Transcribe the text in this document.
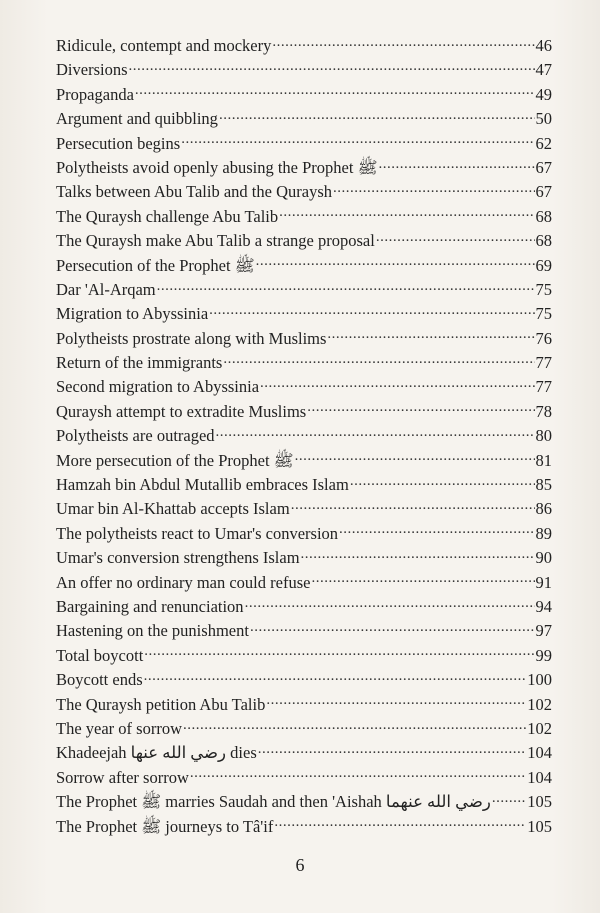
Ridicule, contempt and mockery .....	46
Diversions .....	47
Propaganda .....	49
Argument and quibbling .....	50
Persecution begins .....	62
Polytheists avoid openly abusing the Prophet ﷺ .....	67
Talks between Abu Talib and the Quraysh .....	67
The Quraysh challenge Abu Talib .....	68
The Quraysh make Abu Talib a strange proposal .....	68
Persecution of the Prophet ﷺ .....	69
Dar 'Al-Arqam .....	75
Migration to Abyssinia .....	75
Polytheists prostrate along with Muslims .....	76
Return of the immigrants .....	77
Second migration to Abyssinia .....	77
Quraysh attempt to extradite Muslims .....	78
Polytheists are outraged .....	80
More persecution of the Prophet ﷺ .....	81
Hamzah bin Abdul Mutallib embraces Islam .....	85
Umar bin Al-Khattab accepts Islam .....	86
The polytheists react to Umar's conversion .....	89
Umar's conversion strengthens Islam .....	90
An offer no ordinary man could refuse .....	91
Bargaining and renunciation .....	94
Hastening on the punishment .....	97
Total boycott .....	99
Boycott ends .....	100
The Quraysh petition Abu Talib .....	102
The year of sorrow .....	102
Khadeejah رضي الله عنها dies .....	104
Sorrow after sorrow .....	104
The Prophet ﷺ marries Saudah and then 'Aishah رضي الله عنهما ..... 105
The Prophet ﷺ journeys to Tâ'if .....	105
6
